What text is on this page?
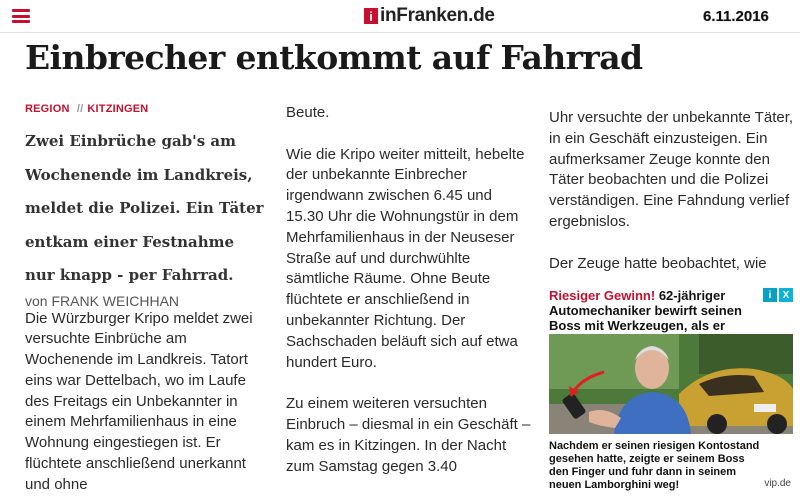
i inFranken.de	6.11.2016
Einbrecher entkommt auf Fahrrad
REGION // KITZINGEN

Zwei Einbrüche gab's am Wochenende im Landkreis, meldet die Polizei. Ein Täter entkam einer Festnahme nur knapp - per Fahrrad.

von FRANK WEICHHAN

Die Würzburger Kripo meldet zwei versuchte Einbrüche am Wochenende im Landkreis. Tatort eins war Dettelbach, wo im Laufe des Freitags ein Unbekannter in einem Mehrfamilienhaus in eine Wohnung eingestiegen ist. Er flüchtete anschließend unerkannt und ohne

Beute.

Wie die Kripo weiter mitteilt, hebelte der unbekannte Einbrecher irgendwann zwischen 6.45 und 15.30 Uhr die Wohnungstür in dem Mehrfamilienhaus in der Neuseser Straße auf und durchwühlte sämtliche Räume. Ohne Beute flüchtete er anschließend in unbekannter Richtung. Der Sachschaden beläuft sich auf etwa hundert Euro.

Zu einem weiteren versuchten Einbruch – diesmal in ein Geschäft – kam es in Kitzingen. In der Nacht zum Samstag gegen 3.40

Uhr versuchte der unbekannte Täter, in ein Geschäft einzusteigen. Ein aufmerksamer Zeuge konnte den Täter beobachten und die Polizei verständigen. Eine Fahndung verlief ergebnislos.

Der Zeuge hatte beobachtet, wie

i	X
Riesiger Gewinn! 62-jähriger Automechaniker bewirft seinen Boss mit Werkzeugen, als er
Nachdem er seinen riesigen Kontostand gesehen hatte, zeigte er seinem Boss den Finger und fuhr dann in seinem neuen Lamborghini weg!	vip.de
